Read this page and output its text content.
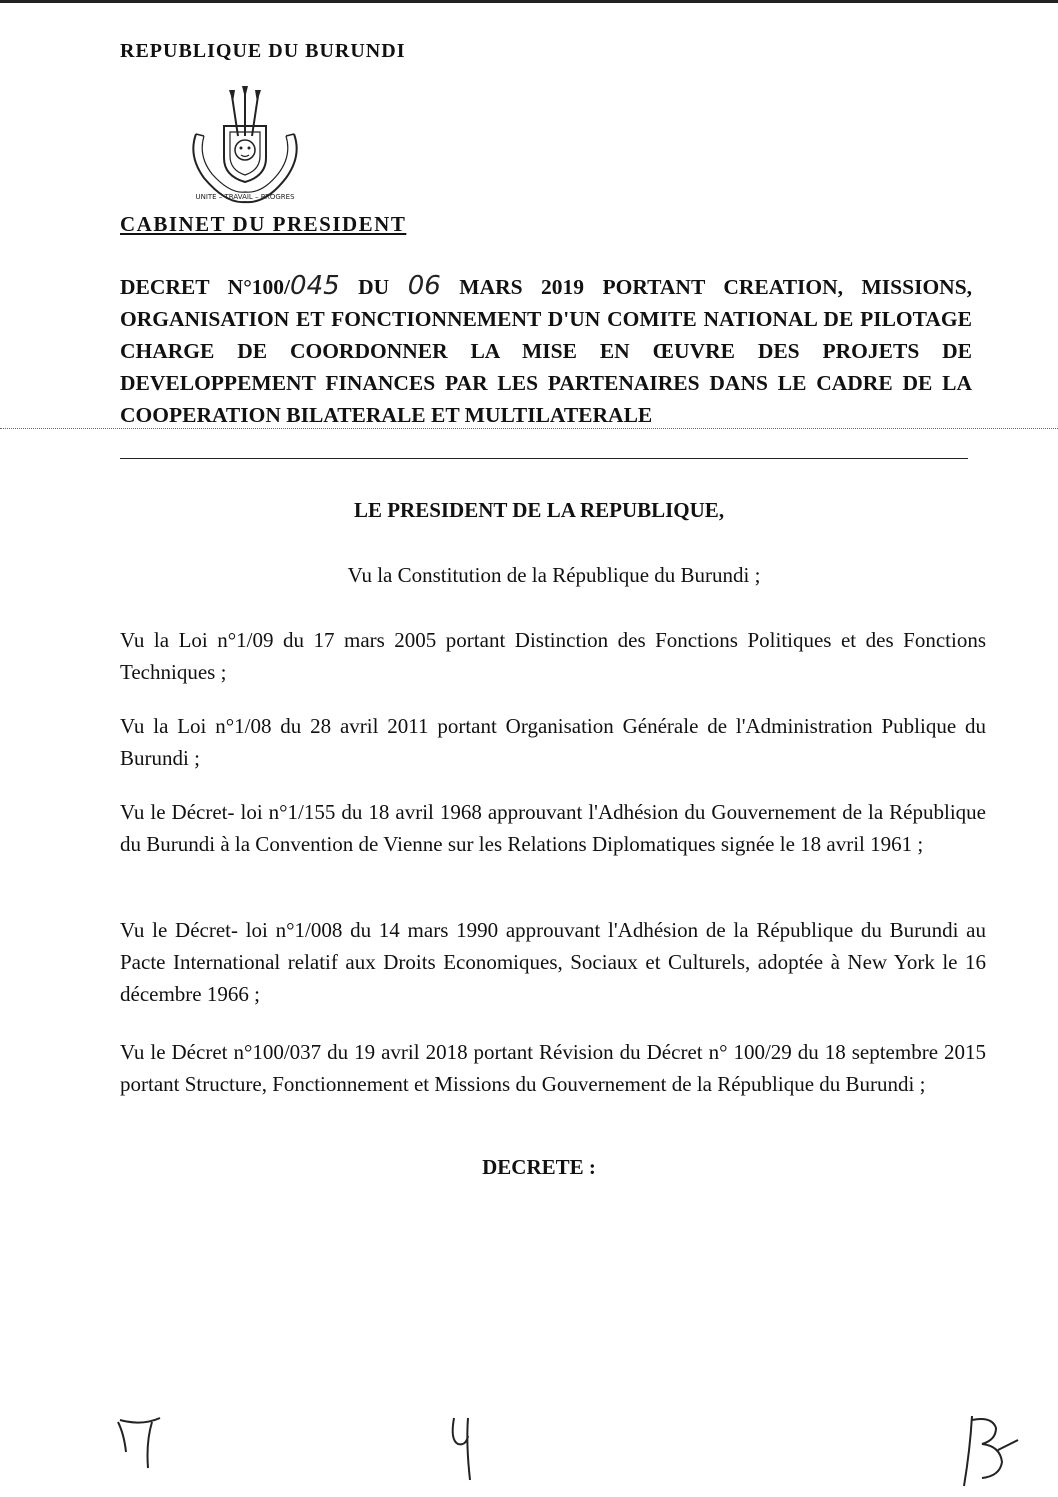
REPUBLIQUE DU BURUNDI
UNITE – TRAVAIL – PROGRES
CABINET DU PRESIDENT
DECRET N°100/045 DU 06 MARS 2019 PORTANT CREATION, MISSIONS, ORGANISATION ET FONCTIONNEMENT D'UN COMITE NATIONAL DE PILOTAGE CHARGE DE COORDONNER LA MISE EN ŒUVRE DES PROJETS DE DEVELOPPEMENT FINANCES PAR LES PARTENAIRES DANS LE CADRE DE LA COOPERATION BILATERALE ET MULTILATERALE
LE PRESIDENT DE LA REPUBLIQUE,
Vu la Constitution de la République du Burundi ;
Vu la Loi n°1/09 du 17 mars 2005 portant Distinction des Fonctions Politiques et des Fonctions Techniques ;
Vu la Loi n°1/08 du 28 avril 2011 portant Organisation Générale de l'Administration Publique du Burundi ;
Vu le Décret- loi n°1/155 du 18 avril 1968 approuvant l'Adhésion du Gouvernement de la République du Burundi à la Convention de Vienne sur les Relations Diplomatiques signée le 18 avril 1961 ;
Vu le Décret- loi n°1/008 du 14 mars 1990 approuvant l'Adhésion de la République du Burundi au Pacte International relatif aux Droits Economiques, Sociaux et Culturels, adoptée à New York le 16 décembre 1966 ;
Vu le Décret n°100/037 du 19 avril 2018 portant Révision du Décret n° 100/29 du 18 septembre 2015 portant Structure, Fonctionnement et Missions du Gouvernement de la République du Burundi ;
DECRETE :
